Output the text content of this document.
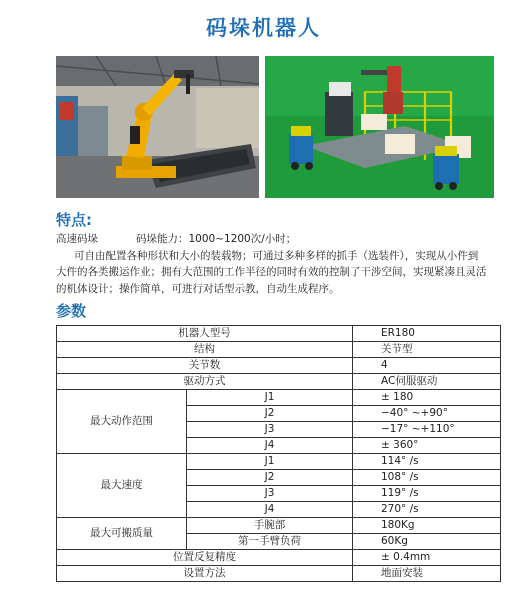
码垛机器人
特点:
高速码垛	码垛能力：1000~1200次/小时；
可自由配置各种形状和大小的装载物；可通过多种多样的抓手（选装件），实现从小件到
大件的各类搬运作业；拥有大范围的工作半径的同时有效的控制了干涉空间，实现紧凑且灵活
的机体设计；操作简单，可进行对话型示教，自动生成程序。
参数
机器人型号		ER180
结构		关节型
关节数		4
驱动方式		AC伺服驱动
最大动作范围	J1	± 180
	J2	−40° ~+90°
	J3	−17° ~+110°
	J4	± 360°
最大速度	J1	114° /s
	J2	108° /s
	J3	119° /s
	J4	270° /s
最大可搬质量	手腕部	180Kg
	第一手臂负荷	60Kg
位置反复精度		± 0.4mm
设置方法		地面安装
